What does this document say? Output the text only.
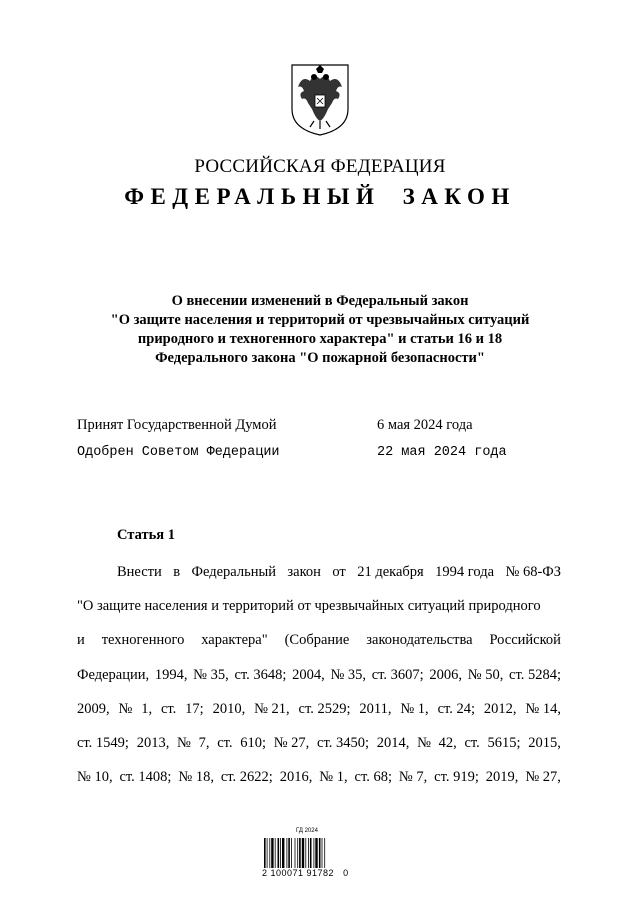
РОССИЙСКАЯ ФЕДЕРАЦИЯ
ФЕДЕРАЛЬНЫЙ ЗАКОН
О внесении изменений в Федеральный закон
"О защите населения и территорий от чрезвычайных ситуаций
природного и техногенного характера" и статьи 16 и 18
Федерального закона "О пожарной безопасности"
Принят Государственной Думой	6 мая 2024 года
Одобрен Советом Федерации	22 мая 2024 года
Статья 1
Внести в Федеральный закон от 21 декабря 1994 года № 68-ФЗ
"О защите населения и территорий от чрезвычайных ситуаций природного
и техногенного характера" (Собрание законодательства Российской
Федерации, 1994, № 35, ст. 3648; 2004, № 35, ст. 3607; 2006, № 50, ст. 5284;
2009, № 1, ст. 17; 2010, № 21, ст. 2529; 2011, № 1, ст. 24; 2012, № 14,
ст. 1549; 2013, № 7, ст. 610; № 27, ст. 3450; 2014, № 42, ст. 5615; 2015,
№ 10, ст. 1408; № 18, ст. 2622; 2016, № 1, ст. 68; № 7, ст. 919; 2019, № 27,
ГД 2024
2 100071 91782   0
